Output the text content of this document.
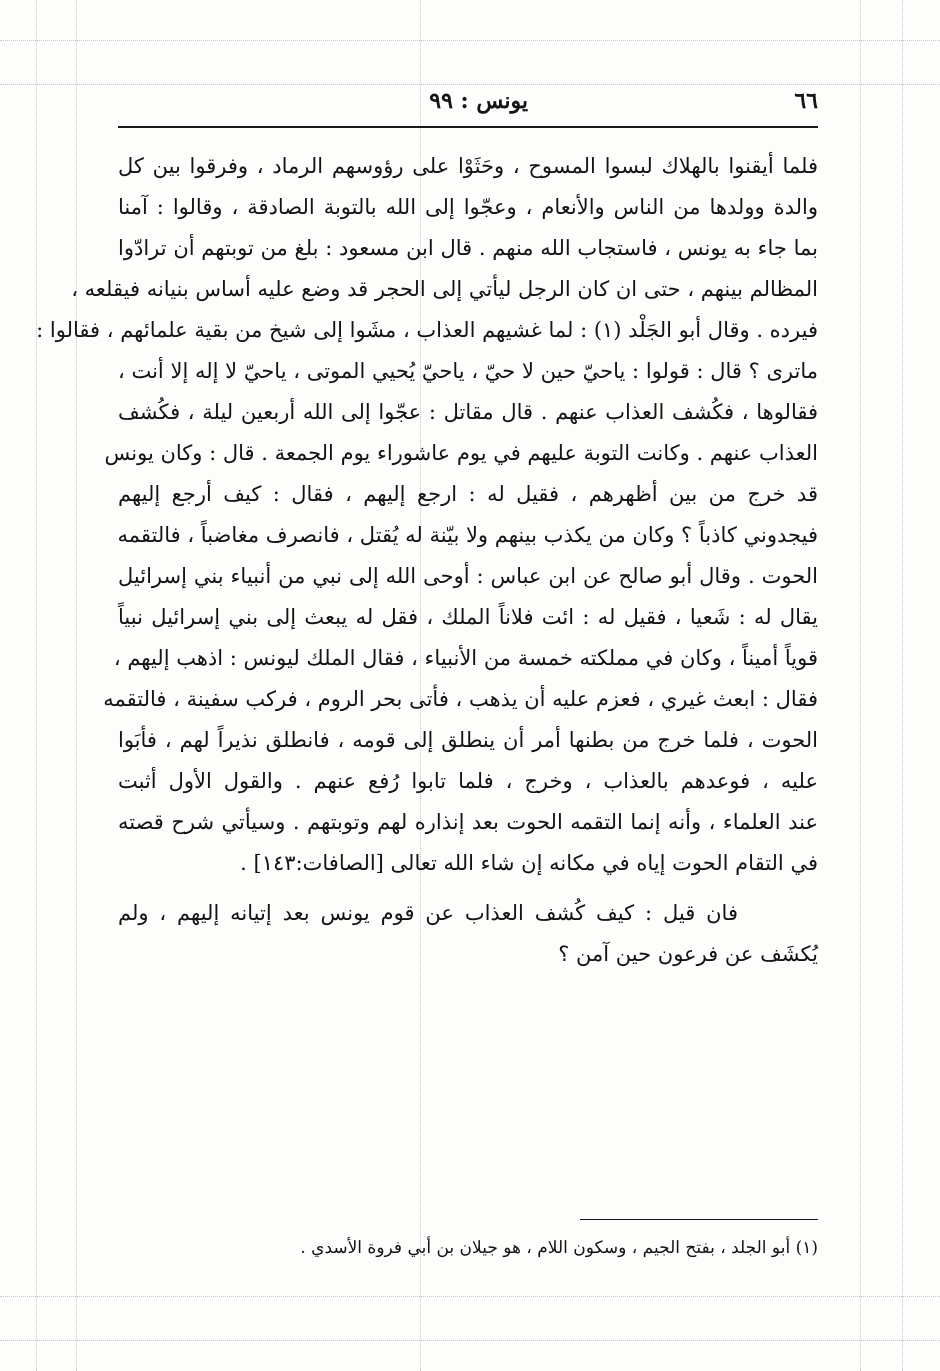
٦٦
يونس : ٩٩
فلما أيقنوا بالهلاك لبسوا المسوح ، وحَثَوْا على رؤوسهم الرماد ، وفرقوا بين كل
والدة وولدها من الناس والأنعام ، وعجّوا إلى الله بالتوبة الصادقة ، وقالوا : آمنا
بما جاء به يونس ، فاستجاب الله منهم . قال ابن مسعود : بلغ من توبتهم أن ترادّوا
المظالم بينهم ، حتى ان كان الرجل ليأتي إلى الحجر قد وضع عليه أساس بنيانه فيقلعه ،
فيرده . وقال أبو الجَلْد (١) : لما غشيهم العذاب ، مشَوا إلى شيخ من بقية علمائهم ، فقالوا :
ماترى ؟ قال : قولوا : ياحيّ حين لا حيّ ، ياحيّ يُحيي الموتى ، ياحيّ لا إله إلا أنت ،
فقالوها ، فكُشف العذاب عنهم . قال مقاتل : عجّوا إلى الله أربعين ليلة ، فكُشف
العذاب عنهم . وكانت التوبة عليهم في يوم عاشوراء يوم الجمعة . قال : وكان يونس
قد خرج من بين أظهرهم ، فقيل له : ارجع إليهم ، فقال : كيف أرجع إليهم
فيجدوني كاذباً ؟ وكان من يكذب بينهم ولا بيّنة له يُقتل ، فانصرف مغاضباً ، فالتقمه
الحوت . وقال أبو صالح عن ابن عباس : أوحى الله إلى نبي من أنبياء بني إسرائيل
يقال له : شَعيا ، فقيل له : ائت فلاناً الملك ، فقل له يبعث إلى بني إسرائيل نبياً
قوياً أميناً ، وكان في مملكته خمسة من الأنبياء ، فقال الملك ليونس : اذهب إليهم ،
فقال : ابعث غيري ، فعزم عليه أن يذهب ، فأتى بحر الروم ، فركب سفينة ، فالتقمه
الحوت ، فلما خرج من بطنها أمر أن ينطلق إلى قومه ، فانطلق نذيراً لهم ، فأبَوا
عليه ، فوعدهم بالعذاب ، وخرج ، فلما تابوا رُفع عنهم . والقول الأول أثبت
عند العلماء ، وأنه إنما التقمه الحوت بعد إنذاره لهم وتوبتهم . وسيأتي شرح قصته
في التقام الحوت إياه في مكانه إن شاء الله تعالى [الصافات:١٤٣] .
فان قيل : كيف كُشف العذاب عن قوم يونس بعد إتيانه إليهم ، ولم
يُكشَف عن فرعون حين آمن ؟
(١) أبو الجلد ، بفتح الجيم ، وسكون اللام ، هو جيلان بن أبي فروة الأسدي .
